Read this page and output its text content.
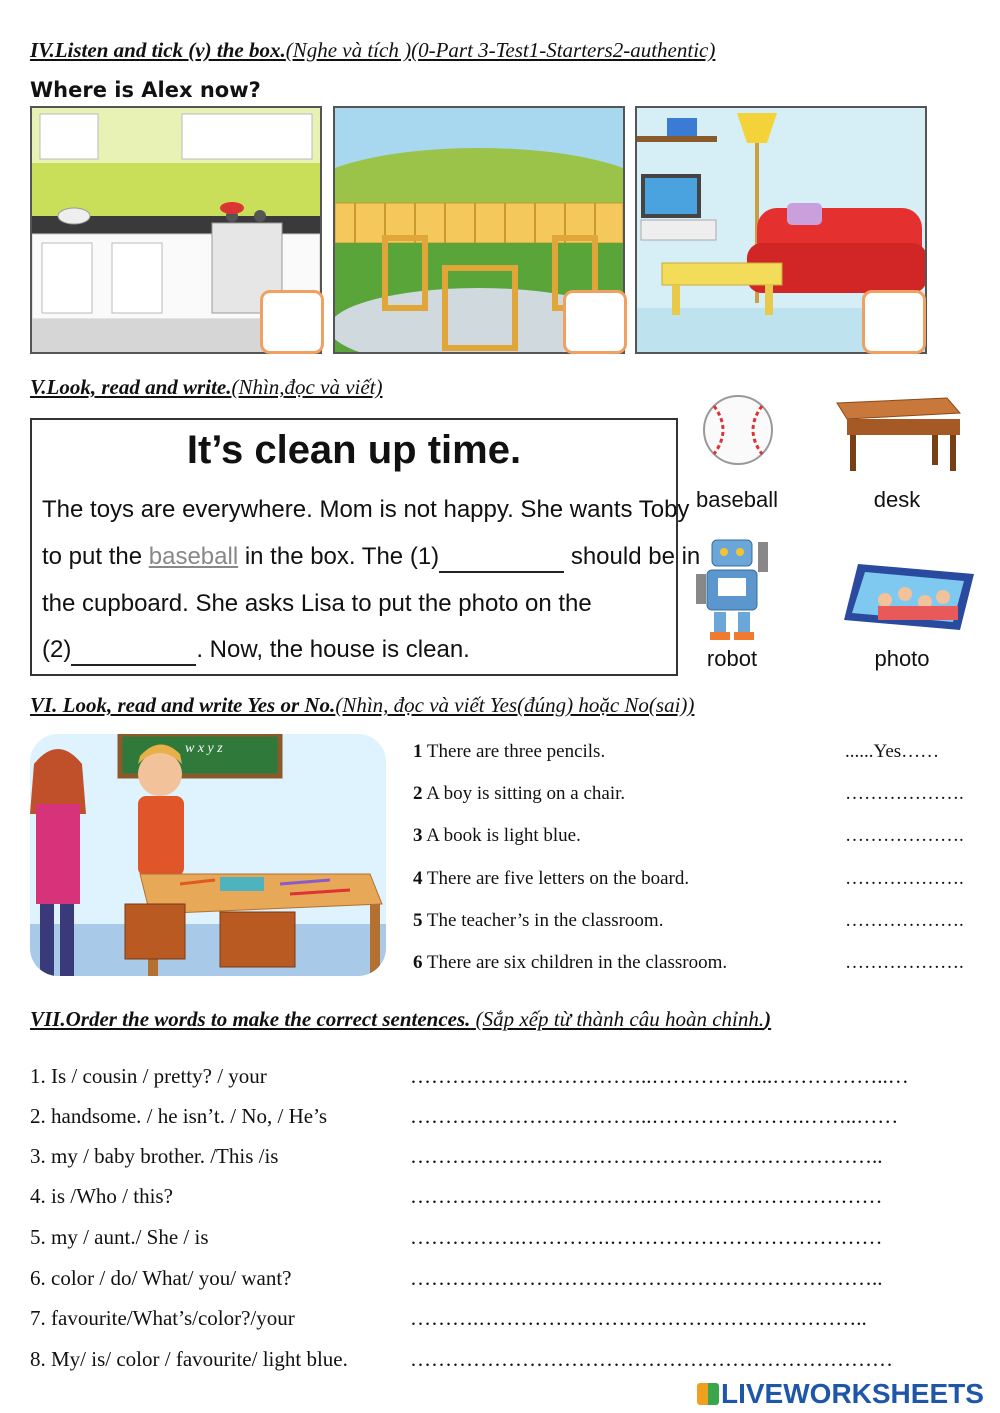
IV.Listen and tick (v) the box.(Nghe và tích )(0-Part 3-Test1-Starters2-authentic)
Where is Alex now?
V.Look, read and write.(Nhìn,đọc và viết)
It’s clean up time.
The toys are everywhere. Mom is not happy. She wants Toby
to put the baseball in the box. The (1)	should be in
the cupboard. She asks Lisa to put the photo on the
(2)	. Now, the house is clean.
baseball	desk
robot	photo
VI. Look, read and write Yes or No.(Nhìn, đọc và viết Yes(đúng) hoặc No(sai))
w x y z	1 There are three pencils.	......Yes……
2 A boy is sitting on a chair.	……………….
3 A book is light blue.	……………….
4 There are five letters on the board.	……………….
5 The teacher’s in the classroom.	……………….
6 There are six children in the classroom.	……………….
VII.Order the words to make the correct sentences. (Sắp xếp từ thành câu hoàn chỉnh.)
1. Is / cousin / pretty? / your	……………………………..……………...……………..…
2. handsome. / he isn’t. / No, / He’s	……………………………..………………….……..……
3. my / baby brother. /This /is	…………………………………………………………..
4. is /Who / this?	………………………….….……………………………
5. my / aunt./ She / is	…………….………….…………………………………
6. color / do/ What/ you/ want?	…………………………………………………………..
7. favourite/What’s/color?/your	……….………………………………………………..
8. My/ is/ color / favourite/ light blue.	……………………………………………………………
LIVEWORKSHEETS
